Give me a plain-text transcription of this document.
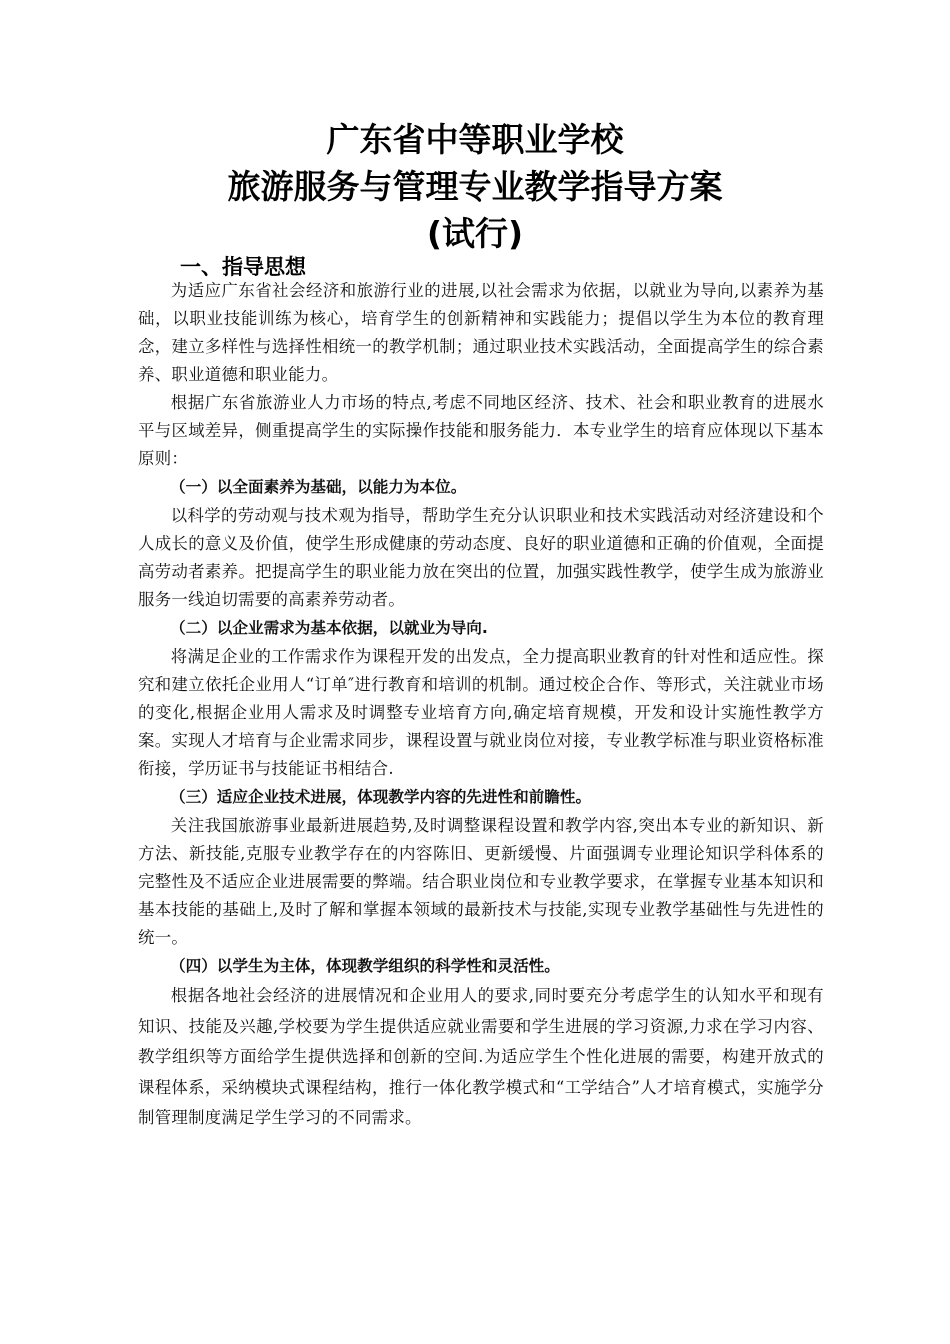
广东省中等职业学校
旅游服务与管理专业教学指导方案
(试行)
一、指导思想

为适应广东省社会经济和旅游行业的进展,以社会需求为依据，以就业为导向,以素养为基础，以职业技能训练为核心，培育学生的创新精神和实践能力；提倡以学生为本位的教育理念，建立多样性与选择性相统一的教学机制；通过职业技术实践活动，全面提高学生的综合素养、职业道德和职业能力。

根据广东省旅游业人力市场的特点,考虑不同地区经济、技术、社会和职业教育的进展水平与区域差异，侧重提高学生的实际操作技能和服务能力．本专业学生的培育应体现以下基本原则：

（一）以全面素养为基础，以能力为本位。

以科学的劳动观与技术观为指导，帮助学生充分认识职业和技术实践活动对经济建设和个人成长的意义及价值，使学生形成健康的劳动态度、良好的职业道德和正确的价值观，全面提高劳动者素养。把提高学生的职业能力放在突出的位置，加强实践性教学，使学生成为旅游业服务一线迫切需要的高素养劳动者。

（二）以企业需求为基本依据，以就业为导向.

将满足企业的工作需求作为课程开发的出发点，全力提高职业教育的针对性和适应性。探究和建立依托企业用人“订单″进行教育和培训的机制。通过校企合作、等形式，关注就业市场的变化,根据企业用人需求及时调整专业培育方向,确定培育规模，开发和设计实施性教学方案。实现人才培育与企业需求同步，课程设置与就业岗位对接，专业教学标准与职业资格标准衔接，学历证书与技能证书相结合.

（三）适应企业技术进展，体现教学内容的先进性和前瞻性。

关注我国旅游事业最新进展趋势,及时调整课程设置和教学内容,突出本专业的新知识、新方法、新技能,克服专业教学存在的内容陈旧、更新缓慢、片面强调专业理论知识学科体系的完整性及不适应企业进展需要的弊端。结合职业岗位和专业教学要求，在掌握专业基本知识和基本技能的基础上,及时了解和掌握本领域的最新技术与技能,实现专业教学基础性与先进性的统一。

（四）以学生为主体，体现教学组织的科学性和灵活性。

根据各地社会经济的进展情况和企业用人的要求,同时要充分考虑学生的认知水平和现有知识、技能及兴趣,学校要为学生提供适应就业需要和学生进展的学习资源,力求在学习内容、教学组织等方面给学生提供选择和创新的空间.为适应学生个性化进展的需要，构建开放式的课程体系，采纳模块式课程结构，推行一体化教学模式和“工学结合”人才培育模式，实施学分制管理制度满足学生学习的不同需求。
